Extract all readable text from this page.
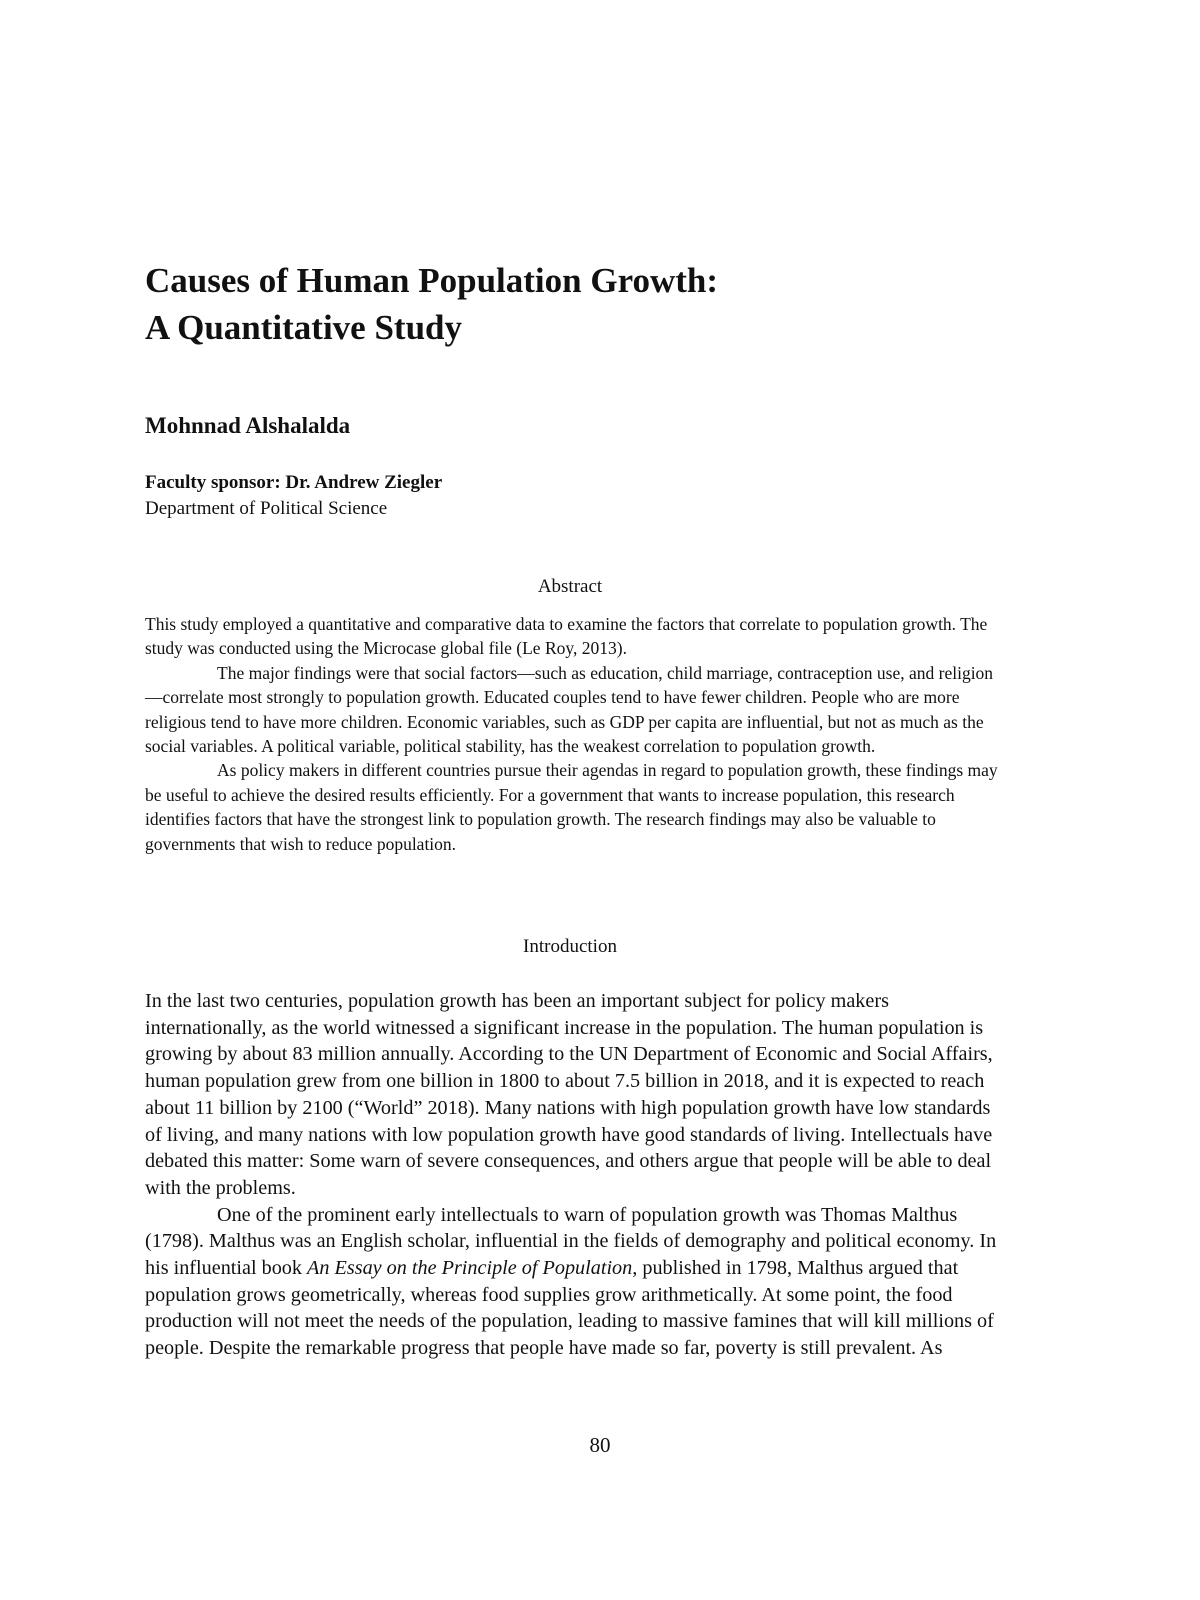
Causes of Human Population Growth:
A Quantitative Study

Mohnnad Alshalalda

Faculty sponsor: Dr. Andrew Ziegler

Department of Political Science

Abstract

This study employed a quantitative and comparative data to examine the factors that correlate to population growth. The study was conducted using the Microcase global file (Le Roy, 2013).

The major findings were that social factors—such as education, child marriage, contraception use, and religion—correlate most strongly to population growth. Educated couples tend to have fewer children. People who are more religious tend to have more children. Economic variables, such as GDP per capita are influential, but not as much as the social variables. A political variable, political stability, has the weakest correlation to population growth.

As policy makers in different countries pursue their agendas in regard to population growth, these findings may be useful to achieve the desired results efficiently. For a government that wants to increase population, this research identifies factors that have the strongest link to population growth. The research findings may also be valuable to governments that wish to reduce population.

Introduction

In the last two centuries, population growth has been an important subject for policy makers internationally, as the world witnessed a significant increase in the population. The human population is growing by about 83 million annually. According to the UN Department of Economic and Social Affairs, human population grew from one billion in 1800 to about 7.5 billion in 2018, and it is expected to reach about 11 billion by 2100 (“World” 2018). Many nations with high population growth have low standards of living, and many nations with low population growth have good standards of living. Intellectuals have debated this matter: Some warn of severe consequences, and others argue that people will be able to deal with the problems.

One of the prominent early intellectuals to warn of population growth was Thomas Malthus (1798). Malthus was an English scholar, influential in the fields of demography and political economy. In his influential book An Essay on the Principle of Population, published in 1798, Malthus argued that population grows geometrically, whereas food supplies grow arithmetically. At some point, the food production will not meet the needs of the population, leading to massive famines that will kill millions of people. Despite the remarkable progress that people have made so far, poverty is still prevalent. As

80
